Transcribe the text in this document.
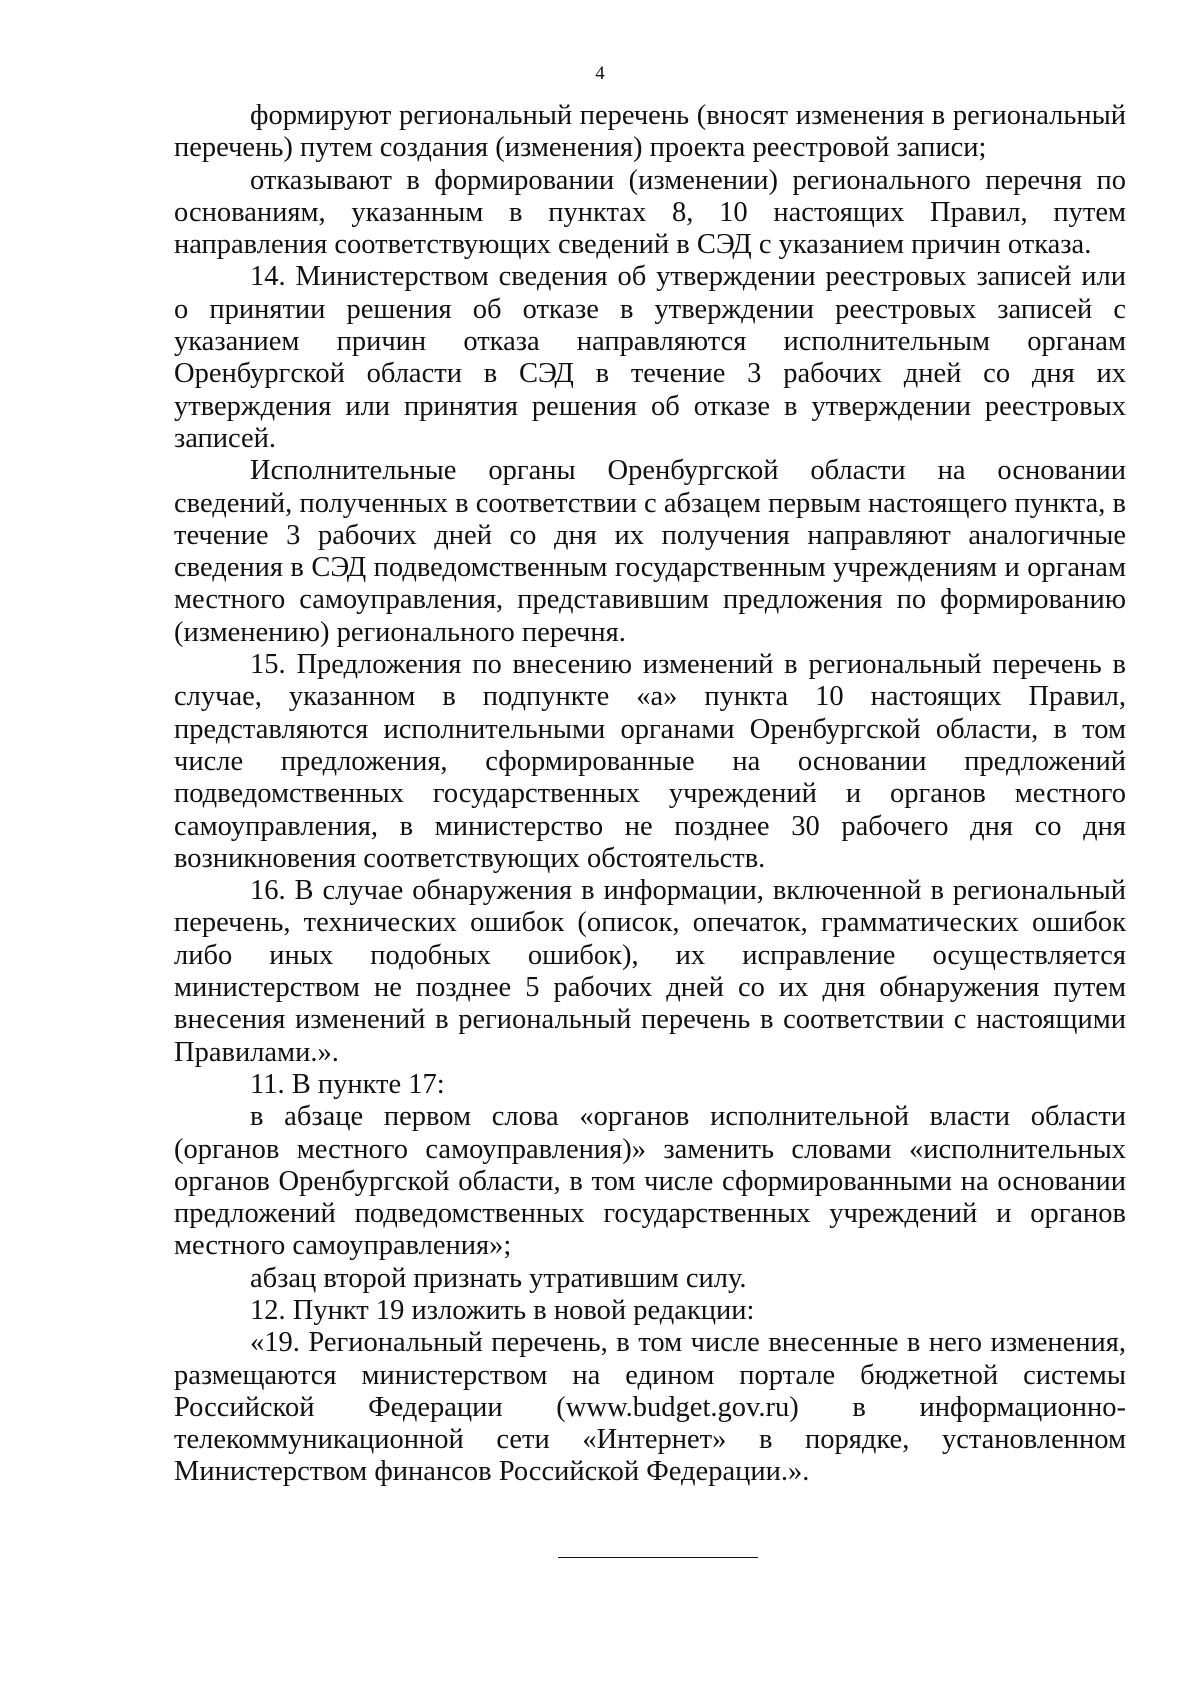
4

формируют региональный перечень (вносят изменения в региональный перечень) путем создания (изменения) проекта реестровой записи;

отказывают в формировании (изменении) регионального перечня по основаниям, указанным в пунктах 8, 10 настоящих Правил, путем направления соответствующих сведений в СЭД с указанием причин отказа.

14. Министерством сведения об утверждении реестровых записей или о принятии решения об отказе в утверждении реестровых записей с указанием причин отказа направляются исполнительным органам Оренбургской области в СЭД в течение 3 рабочих дней со дня их утверждения или принятия решения об отказе в утверждении реестровых записей.

Исполнительные органы Оренбургской области на основании сведений, полученных в соответствии с абзацем первым настоящего пункта, в течение 3 рабочих дней со дня их получения направляют аналогичные сведения в СЭД подведомственным государственным учреждениям и органам местного самоуправления, представившим предложения по формированию (изменению) регионального перечня.

15. Предложения по внесению изменений в региональный перечень в случае, указанном в подпункте «а» пункта 10 настоящих Правил, представляются исполнительными органами Оренбургской области, в том числе предложения, сформированные на основании предложений подведомственных государственных учреждений и органов местного самоуправления, в министерство не позднее 30 рабочего дня со дня возникновения соответствующих обстоятельств.

16. В случае обнаружения в информации, включенной в региональный перечень, технических ошибок (описок, опечаток, грамматических ошибок либо иных подобных ошибок), их исправление осуществляется министерством не позднее 5 рабочих дней со их дня обнаружения путем внесения изменений в региональный перечень в соответствии с настоящими Правилами.».

11. В пункте 17:

в абзаце первом слова «органов исполнительной власти области (органов местного самоуправления)» заменить словами «исполнительных органов Оренбургской области, в том числе сформированными на основании предложений подведомственных государственных учреждений и органов местного самоуправления»;

абзац второй признать утратившим силу.

12. Пункт 19 изложить в новой редакции:

«19. Региональный перечень, в том числе внесенные в него изменения, размещаются министерством на едином портале бюджетной системы Российской Федерации (www.budget.gov.ru) в информационно-телекоммуникационной сети «Интернет» в порядке, установленном Министерством финансов Российской Федерации.».
